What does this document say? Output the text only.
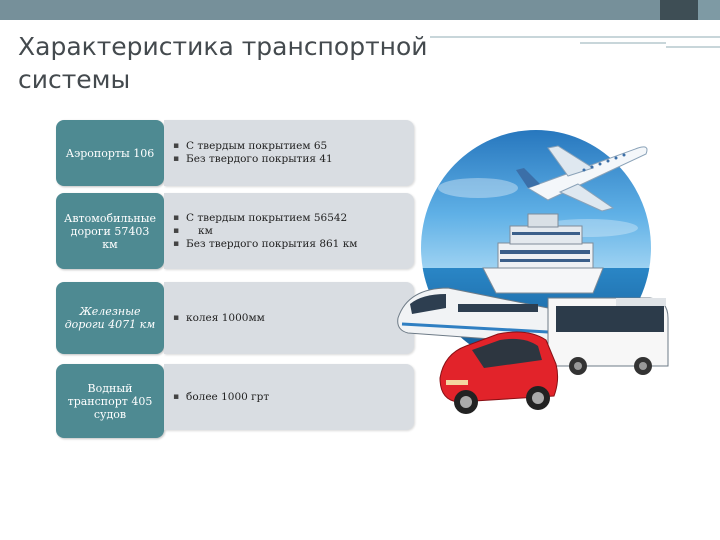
Характеристика транспортной
системы
Аэропорты 106
▪ С твердым покрытием 65
▪ Без твердого покрытия 41
Автомобильные
дороги 57403
км
▪ С твердым покрытием 56542
▪ км
▪ Без твердого покрытия 861 км
Железные
дороги 4071 км
▪ колея 1000мм
Водный
транспорт 405
судов
▪ более 1000 грт
